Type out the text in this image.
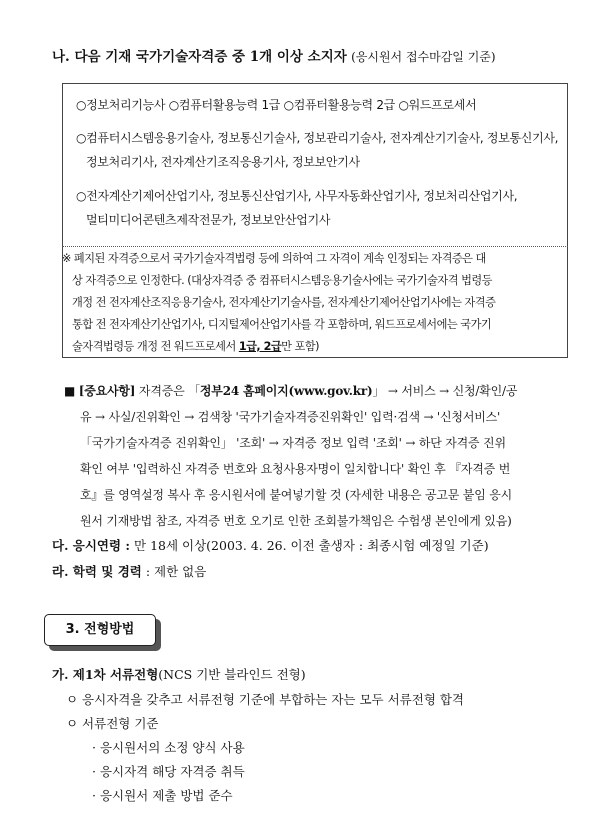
나. 다음 기재 국가기술자격증 중 1개 이상 소지자 (응시원서 접수마감일 기준)
○정보처리기능사 ○컴퓨터활용능력 1급 ○컴퓨터활용능력 2급 ○워드프로세서
○컴퓨터시스템응용기술사, 정보통신기술사, 정보관리기술사, 전자계산기기술사, 정보통신기사,
정보처리기사, 전자계산기조직응용기사, 정보보안기사
○전자계산기제어산업기사, 정보통신산업기사, 사무자동화산업기사, 정보처리산업기사,
멀티미디어콘텐츠제작전문가, 정보보안산업기사
※ 폐지된 자격증으로서 국가기술자격법령 등에 의하여 그 자격이 계속 인정되는 자격증은 대
상 자격증으로 인정한다. (대상자격증 중 컴퓨터시스템응용기술사에는 국가기술자격 법령등
개정 전 전자계산조직응용기술사, 전자계산기기술사를, 전자계산기제어산업기사에는 자격증
통합 전 전자계산기산업기사, 디지털제어산업기사를 각 포함하며, 워드프로세서에는 국가기
술자격법령등 개정 전 워드프로세서 1급, 2급만 포함)
■ [중요사항] 자격증은 「정부24 홈페이지(www.gov.kr)」 → 서비스 → 신청/확인/공
유 → 사실/진위확인 → 검색창 '국가기술자격증진위확인' 입력·검색 → '신청서비스'
「국가기술자격증 진위확인」 '조회' → 자격증 정보 입력 '조회' → 하단 자격증 진위
확인 여부 '입력하신 자격증 번호와 요청사용자명이 일치합니다' 확인 후 『자격증 번
호』를 영역설정 복사 후 응시원서에 붙여넣기할 것 (자세한 내용은 공고문 붙임 응시
원서 기재방법 참조, 자격증 번호 오기로 인한 조회불가책임은 수험생 본인에게 있음)
다. 응시연령 : 만 18세 이상(2003. 4. 26. 이전 출생자 : 최종시험 예정일 기준)
라. 학력 및 경력 : 제한 없음
3. 전형방법
가. 제1차 서류전형(NCS 기반 블라인드 전형)
ㅇ 응시자격을 갖추고 서류전형 기준에 부합하는 자는 모두 서류전형 합격
ㅇ 서류전형 기준
· 응시원서의 소정 양식 사용
· 응시자격 해당 자격증 취득
· 응시원서 제출 방법 준수
